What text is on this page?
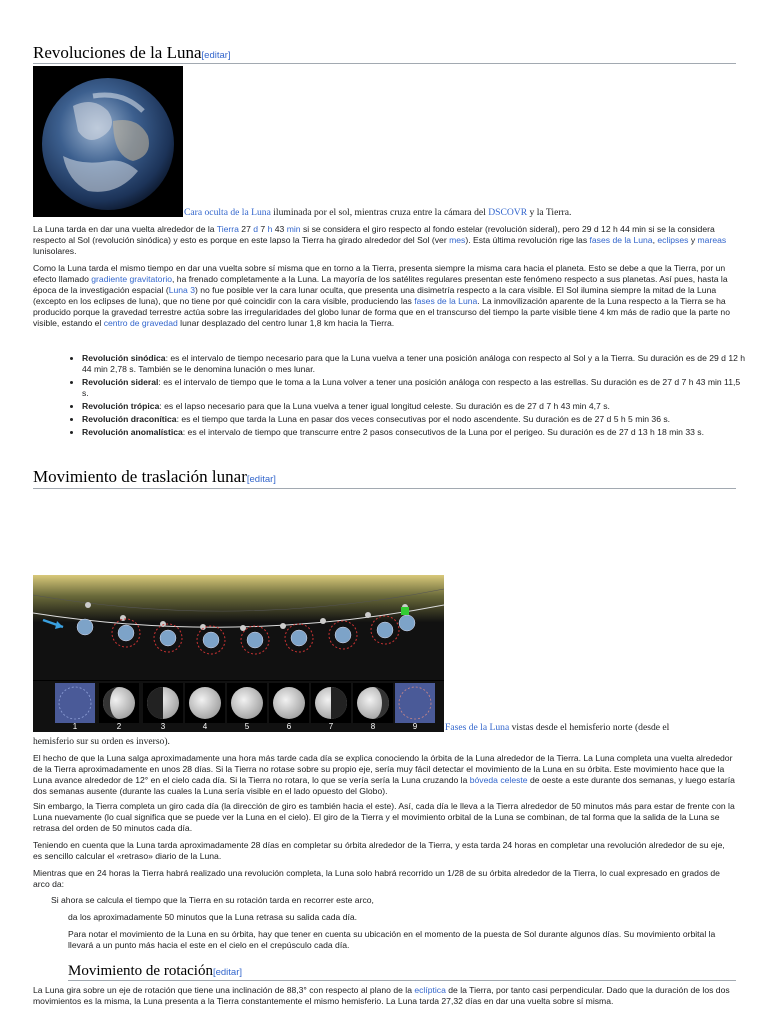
Revoluciones de la Luna[editar]
Cara oculta de la Luna iluminada por el sol, mientras cruza entre la cámara del DSCOVR y la Tierra.

La Luna tarda en dar una vuelta alrededor de la Tierra 27 d 7 h 43 min si se considera el giro respecto al fondo estelar (revolución sideral), pero 29 d 12 h 44 min si se la considera respecto al Sol (revolución sinódica) y esto es porque en este lapso la Tierra ha girado alrededor del Sol (ver mes). Esta última revolución rige las fases de la Luna, eclipses y mareas lunisolares.

Como la Luna tarda el mismo tiempo en dar una vuelta sobre sí misma que en torno a la Tierra, presenta siempre la misma cara hacia el planeta. Esto se debe a que la Tierra, por un efecto llamado gradiente gravitatorio, ha frenado completamente a la Luna. La mayoría de los satélites regulares presentan este fenómeno respecto a sus planetas. Así pues, hasta la época de la investigación espacial (Luna 3) no fue posible ver la cara lunar oculta, que presenta una disimetría respecto a la cara visible. El Sol ilumina siempre la mitad de la Luna (excepto en los eclipses de luna), que no tiene por qué coincidir con la cara visible, produciendo las fases de la Luna. La inmovilización aparente de la Luna respecto a la Tierra se ha producido porque la gravedad terrestre actúa sobre las irregularidades del globo lunar de forma que en el transcurso del tiempo la parte visible tiene 4 km más de radio que la parte no visible, estando el centro de gravedad lunar desplazado del centro lunar 1,8 km hacia la Tierra.

• Revolución sinódica: es el intervalo de tiempo necesario para que la Luna vuelva a tener una posición análoga con respecto al Sol y a la Tierra. Su duración es de 29 d 12 h 44 min 2,78 s. También se le denomina lunación o mes lunar.
• Revolución sideral: es el intervalo de tiempo que le toma a la Luna volver a tener una posición análoga con respecto a las estrellas. Su duración es de 27 d 7 h 43 min 11,5 s.
• Revolución trópica: es el lapso necesario para que la Luna vuelva a tener igual longitud celeste. Su duración es de 27 d 7 h 43 min 4,7 s.
• Revolución draconítica: es el tiempo que tarda la Luna en pasar dos veces consecutivas por el nodo ascendente. Su duración es de 27 d 5 h 5 min 36 s.
• Revolución anomalística: es el intervalo de tiempo que transcurre entre 2 pasos consecutivos de la Luna por el perigeo. Su duración es de 27 d 13 h 18 min 33 s.
Movimiento de traslación lunar[editar]
1	2	3	4	5	6	7	8	9	Fases de la Luna vistas desde el hemisferio norte (desde el
hemisferio sur su orden es inverso).

El hecho de que la Luna salga aproximadamente una hora más tarde cada día se explica conociendo la órbita de la Luna alrededor de la Tierra. La Luna completa una vuelta alrededor de la Tierra aproximadamente en unos 28 días. Si la Tierra no rotase sobre su propio eje, sería muy fácil detectar el movimiento de la Luna en su órbita. Este movimiento hace que la Luna avance alrededor de 12° en el cielo cada día. Si la Tierra no rotara, lo que se vería sería la Luna cruzando la bóveda celeste de oeste a este durante dos semanas, y luego estaría dos semanas ausente (durante las cuales la Luna sería visible en el lado opuesto del Globo).

Sin embargo, la Tierra completa un giro cada día (la dirección de giro es también hacia el este). Así, cada día le lleva a la Tierra alrededor de 50 minutos más para estar de frente con la Luna nuevamente (lo cual significa que se puede ver la Luna en el cielo). El giro de la Tierra y el movimiento orbital de la Luna se combinan, de tal forma que la salida de la Luna se retrasa del orden de 50 minutos cada día.

Teniendo en cuenta que la Luna tarda aproximadamente 28 días en completar su órbita alrededor de la Tierra, y esta tarda 24 horas en completar una revolución alrededor de su eje, es sencillo calcular el «retraso» diario de la Luna.

Mientras que en 24 horas la Tierra habrá realizado una revolución completa, la Luna solo habrá recorrido un 1/28 de su órbita alrededor de la Tierra, lo cual expresado en grados de arco da:

Si ahora se calcula el tiempo que la Tierra en su rotación tarda en recorrer este arco,

da los aproximadamente 50 minutos que la Luna retrasa su salida cada día.

Para notar el movimiento de la Luna en su órbita, hay que tener en cuenta su ubicación en el momento de la puesta de Sol durante algunos días. Su movimiento orbital la llevará a un punto más hacia el este en el cielo en el crepúsculo cada día.

Movimiento de rotación[editar]

La Luna gira sobre un eje de rotación que tiene una inclinación de 88,3° con respecto al plano de la eclíptica de la Tierra, por tanto casi perpendicular. Dado que la duración de los dos movimientos es la misma, la Luna presenta a la Tierra constantemente el mismo hemisferio. La Luna tarda 27,32 días en dar una vuelta sobre sí misma.
